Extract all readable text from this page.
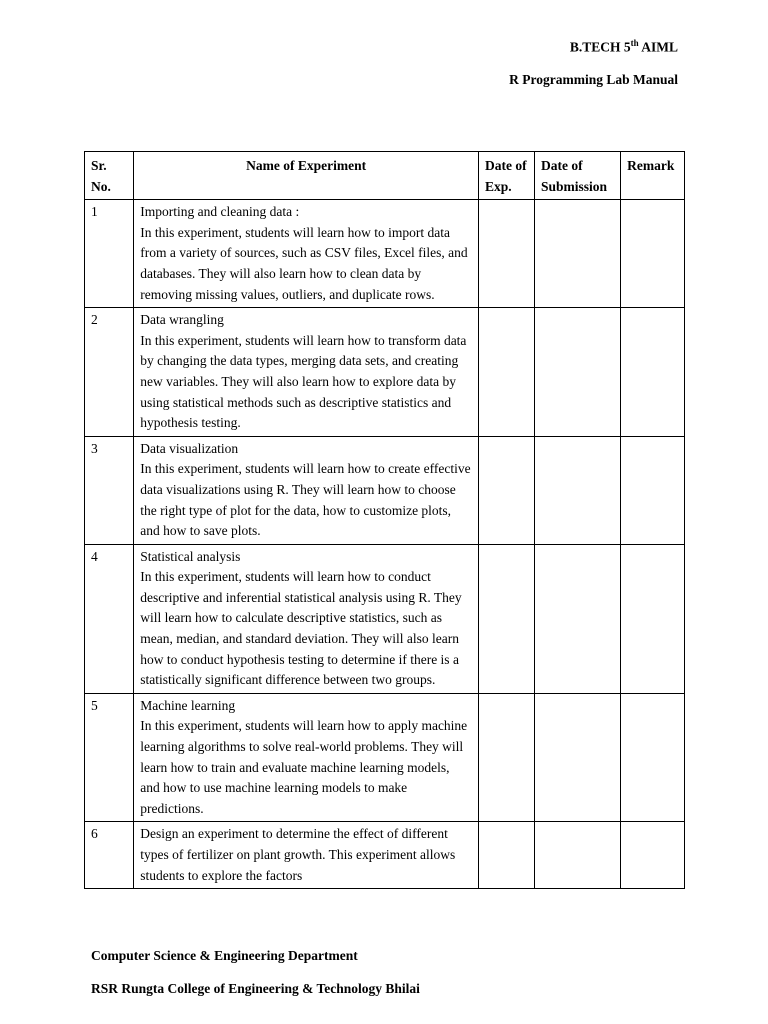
B.TECH 5th AIML
R Programming Lab Manual
Sr. No.	Name of Experiment	Date of Exp.	Date of Submission	Remark
1	Importing and cleaning data :
In this experiment, students will learn how to import data from a variety of sources, such as CSV files, Excel files, and databases. They will also learn how to clean data by removing missing values, outliers, and duplicate rows.			

2	Data wrangling
In this experiment, students will learn how to transform data by changing the data types, merging data sets, and creating new variables. They will also learn how to explore data by using statistical methods such as descriptive statistics and hypothesis testing.			

3	Data visualization
In this experiment, students will learn how to create effective data visualizations using R. They will learn how to choose the right type of plot for the data, how to customize plots, and how to save plots.			

4	Statistical analysis
In this experiment, students will learn how to conduct descriptive and inferential statistical analysis using R. They will learn how to calculate descriptive statistics, such as mean, median, and standard deviation. They will also learn how to conduct hypothesis testing to determine if there is a statistically significant difference between two groups.			

5	Machine learning
In this experiment, students will learn how to apply machine learning algorithms to solve real-world problems. They will learn how to train and evaluate machine learning models, and how to use machine learning models to make predictions.			

6	Design an experiment to determine the effect of different types of fertilizer on plant growth. This experiment allows students to explore the factors			

Computer Science & Engineering Department
RSR Rungta College of Engineering & Technology Bhilai
